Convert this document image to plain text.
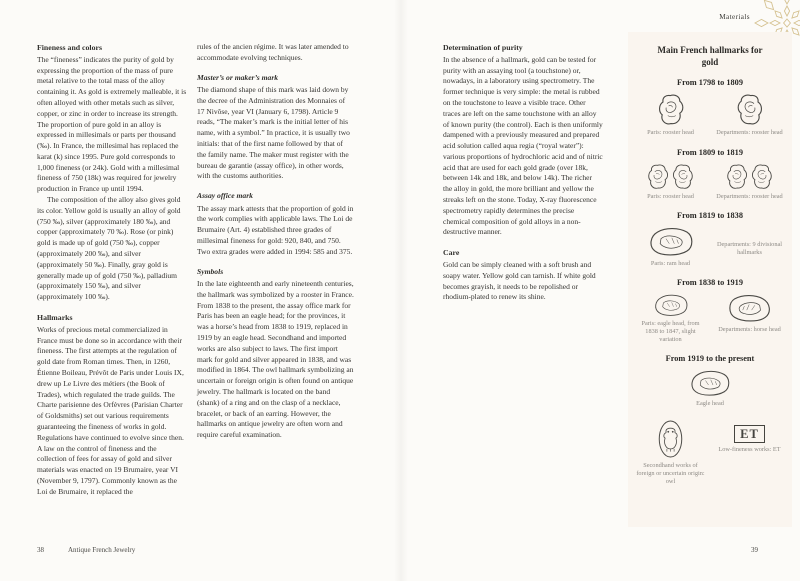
Materials
Fineness and colors

The “fineness” indicates the purity of gold by expressing the proportion of the mass of pure metal relative to the total mass of the alloy containing it. As gold is extremely malleable, it is often alloyed with other metals such as silver, copper, or zinc in order to increase its strength. The proportion of pure gold in an alloy is expressed in millesimals or parts per thousand (‰). In France, the millesimal has replaced the karat (k) since 1995. Pure gold corresponds to 1,000 fineness (or 24k). Gold with a millesimal fineness of 750 (18k) was required for jewelry production in France up until 1994.

The composition of the alloy also gives gold its color. Yellow gold is usually an alloy of gold (750 ‰), silver (approximately 180 ‰), and copper (approximately 70 ‰). Rose (or pink) gold is made up of gold (750 ‰), copper (approximately 200 ‰), and silver (approximately 50 ‰). Finally, gray gold is generally made up of gold (750 ‰), palladium (approximately 150 ‰), and silver (approximately 100 ‰).

Hallmarks

Works of precious metal commercialized in France must be done so in accordance with their fineness. The first attempts at the regulation of gold date from Roman times. Then, in 1260, Étienne Boileau, Prévôt de Paris under Louis IX, drew up Le Livre des métiers (the Book of Trades), which regulated the trade guilds. The Charte parisienne des Orfèvres (Parisian Charter of Goldsmiths) set out various requirements guaranteeing the fineness of works in gold. Regulations have continued to evolve since then. A law on the control of fineness and the collection of fees for assay of gold and silver materials was enacted on 19 Brumaire, year VI (November 9, 1797). Commonly known as the Loi de Brumaire, it replaced the

rules of the ancien régime. It was later amended to accommodate evolving techniques.

Master’s or maker’s mark

The diamond shape of this mark was laid down by the decree of the Administration des Monnaies of 17 Nivôse, year VI (January 6, 1798). Article 9 reads, “The maker’s mark is the initial letter of his name, with a symbol.” In practice, it is usually two initials: that of the first name followed by that of the family name. The maker must register with the bureau de garantie (assay office), in other words, with the customs authorities.

Assay office mark

The assay mark attests that the proportion of gold in the work complies with applicable laws. The Loi de Brumaire (Art. 4) established three grades of millesimal fineness for gold: 920, 840, and 750. Two extra grades were added in 1994: 585 and 375.

Symbols

In the late eighteenth and early nineteenth centuries, the hallmark was symbolized by a rooster in France. From 1838 to the present, the assay office mark for Paris has been an eagle head; for the provinces, it was a horse’s head from 1838 to 1919, replaced in 1919 by an eagle head. Secondhand and imported works are also subject to laws. The first import mark for gold and silver appeared in 1838, and was modified in 1864. The owl hallmark symbolizing an uncertain or foreign origin is often found on antique jewelry. The hallmark is located on the band (shank) of a ring and on the clasp of a necklace, bracelet, or back of an earring. However, the hallmarks on antique jewelry are often worn and require careful examination.

Determination of purity

In the absence of a hallmark, gold can be tested for purity with an assaying tool (a touchstone) or, nowadays, in a laboratory using spectrometry. The former technique is very simple: the metal is rubbed on the touchstone to leave a visible trace. Other traces are left on the same touchstone with an alloy of known purity (the control). Each is then uniformly dampened with a previously measured and prepared acid solution called aqua regia (“royal water”): various proportions of hydrochloric acid and of nitric acid that are used for each gold grade (over 18k, between 14k and 18k, and below 14k). The richer the alloy in gold, the more brilliant and yellow the streaks left on the stone. Today, X-ray fluorescence spectrometry rapidly determines the precise chemical composition of gold alloys in a non-destructive manner.

Care

Gold can be simply cleaned with a soft brush and soapy water. Yellow gold can tarnish. If white gold becomes grayish, it needs to be repolished or rhodium-plated to renew its shine.

Main French hallmarks for gold
From 1798 to 1809
Paris: rooster head	Departments: rooster head
From 1809 to 1819
Paris: rooster head	Departments: rooster head
From 1819 to 1838
Paris: ram head
Departments: 9 divisional hallmarks
From 1838 to 1919
Paris: eagle head, from 1838 to 1847, slight variation
Departments: horse head
From 1919 to the present
Eagle head
Secondhand works of foreign or uncertain origin: owl
ET
Low-fineness works: ET
38	Antique French Jewelry	39
